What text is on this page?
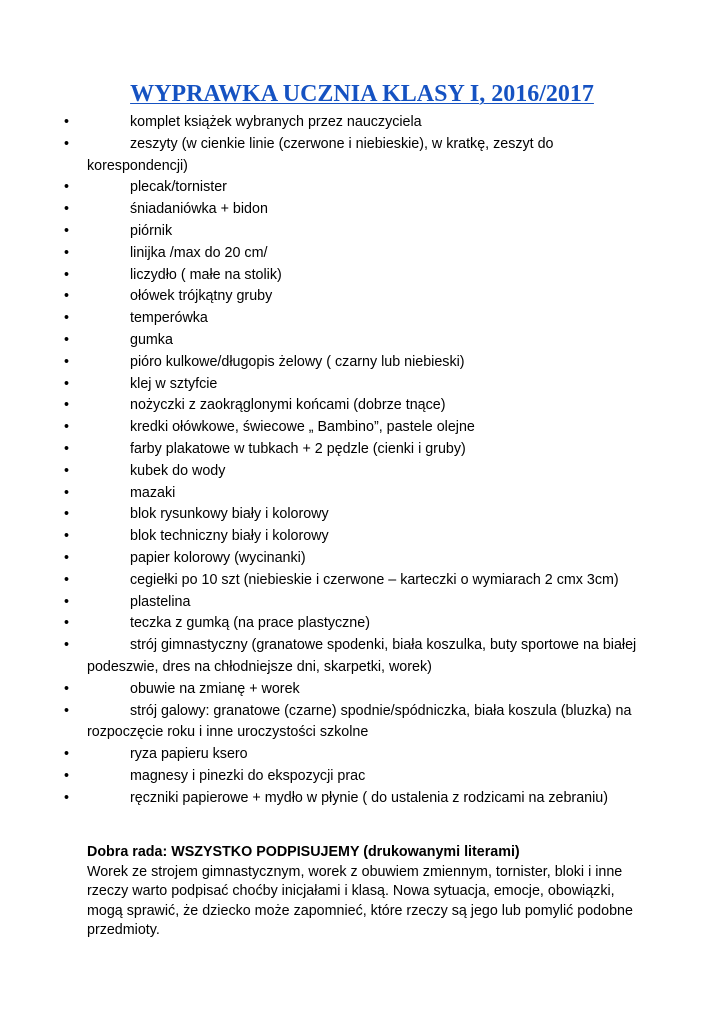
WYPRAWKA UCZNIA KLASY I, 2016/2017
•	komplet książek wybranych przez nauczyciela
•	zeszyty (w cienkie linie (czerwone i niebieskie), w kratkę, zeszyt do
korespondencji)
•	plecak/tornister
•	śniadaniówka + bidon
•	piórnik
•	linijka /max do 20 cm/
•	liczydło ( małe na stolik)
•	ołówek trójkątny gruby
•	temperówka
•	gumka
•	pióro kulkowe/długopis żelowy ( czarny lub niebieski)
•	klej w sztyfcie
•	nożyczki z zaokrąglonymi końcami (dobrze tnące)
•	kredki ołówkowe, świecowe „ Bambino”, pastele olejne
•	farby plakatowe w tubkach + 2 pędzle (cienki i gruby)
•	kubek do wody
•	mazaki
•	blok rysunkowy biały i kolorowy
•	blok techniczny biały i kolorowy
•	papier kolorowy (wycinanki)
•	cegiełki po 10 szt (niebieskie i czerwone – karteczki o wymiarach 2 cmx 3cm)
•	plastelina
•	teczka z gumką (na prace plastyczne)
•	strój gimnastyczny (granatowe spodenki, biała koszulka, buty sportowe na białej
podeszwie, dres na chłodniejsze dni, skarpetki, worek)
•	obuwie na zmianę + worek
•	strój galowy: granatowe (czarne) spodnie/spódniczka, biała koszula (bluzka) na
rozpoczęcie roku i inne uroczystości szkolne
•	ryza papieru ksero
•	magnesy i pinezki do ekspozycji prac
•	ręczniki papierowe + mydło w płynie ( do ustalenia z rodzicami na zebraniu)
Dobra rada: WSZYSTKO PODPISUJEMY (drukowanymi literami)
Worek ze strojem gimnastycznym, worek z obuwiem zmiennym, tornister, bloki i inne
rzeczy warto podpisać choćby inicjałami i klasą. Nowa sytuacja, emocje, obowiązki,
mogą sprawić, że dziecko może zapomnieć, które rzeczy są jego lub pomylić podobne
przedmioty.
